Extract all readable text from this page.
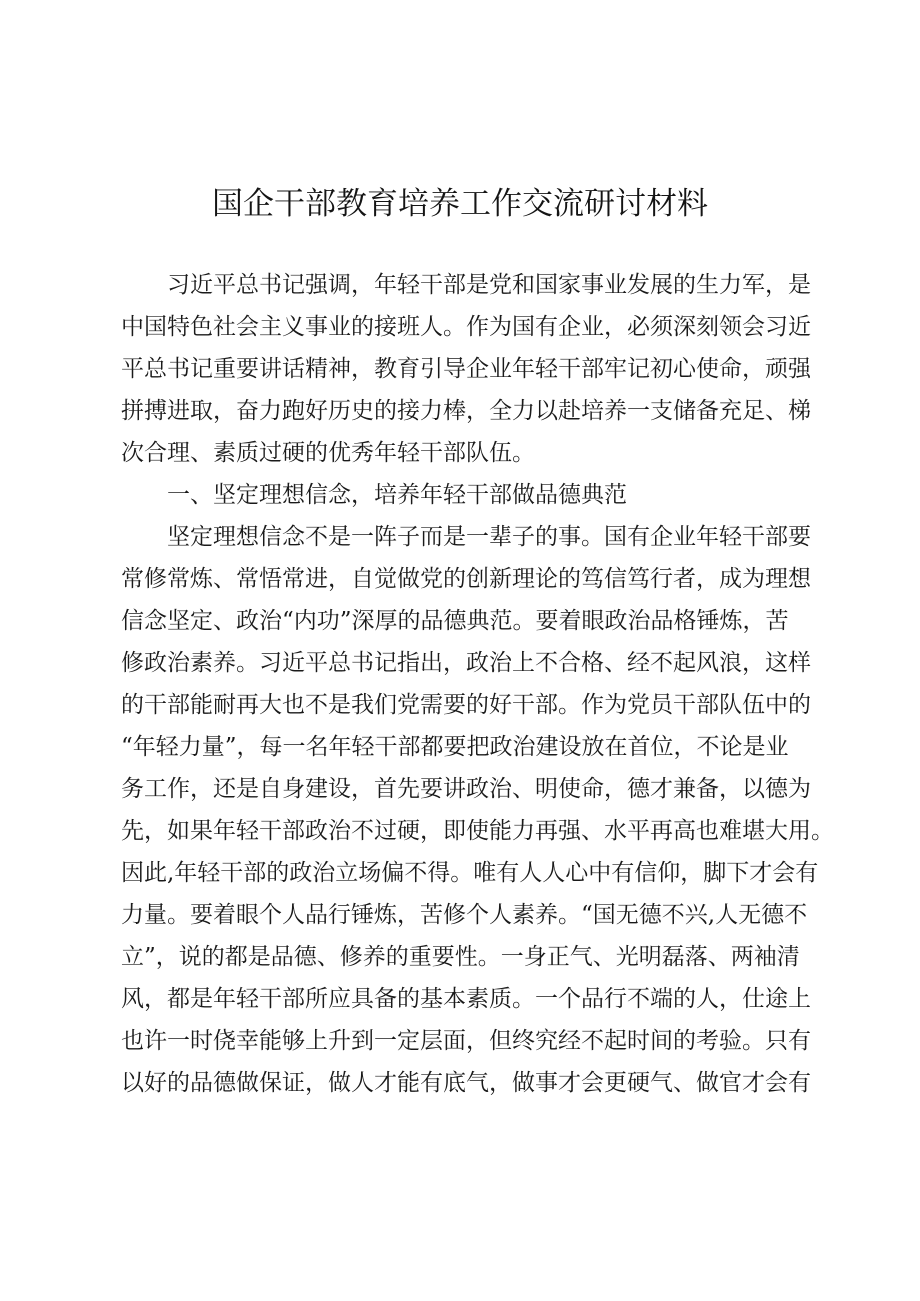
国企干部教育培养工作交流研讨材料
习近平总书记强调，年轻干部是党和国家事业发展的生力军，是
中国特色社会主义事业的接班人。作为国有企业，必须深刻领会习近
平总书记重要讲话精神，教育引导企业年轻干部牢记初心使命，顽强
拼搏进取，奋力跑好历史的接力棒，全力以赴培养一支储备充足、梯
次合理、素质过硬的优秀年轻干部队伍。
一、坚定理想信念，培养年轻干部做品德典范
坚定理想信念不是一阵子而是一辈子的事。国有企业年轻干部要
常修常炼、常悟常进，自觉做党的创新理论的笃信笃行者，成为理想
信念坚定、政治“内功”深厚的品德典范。要着眼政治品格锤炼，苦
修政治素养。习近平总书记指出，政治上不合格、经不起风浪，这样
的干部能耐再大也不是我们党需要的好干部。作为党员干部队伍中的
“年轻力量”，每一名年轻干部都要把政治建设放在首位，不论是业
务工作，还是自身建设，首先要讲政治、明使命，德才兼备，以德为
先，如果年轻干部政治不过硬，即使能力再强、水平再高也难堪大用。
因此,年轻干部的政治立场偏不得。唯有人人心中有信仰，脚下才会有
力量。要着眼个人品行锤炼，苦修个人素养。“国无德不兴,人无德不
立”，说的都是品德、修养的重要性。一身正气、光明磊落、两袖清
风，都是年轻干部所应具备的基本素质。一个品行不端的人，仕途上
也许一时侥幸能够上升到一定层面，但终究经不起时间的考验。只有
以好的品德做保证，做人才能有底气，做事才会更硬气、做官才会有
